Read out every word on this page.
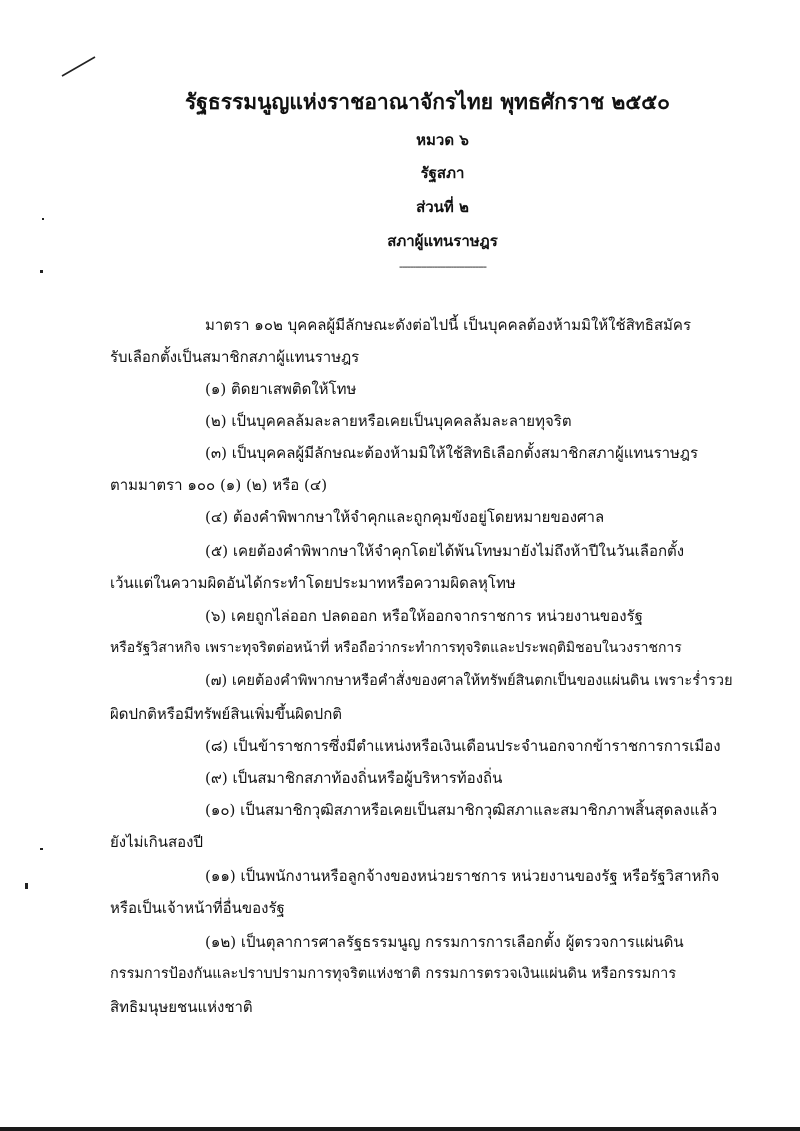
รัฐธรรมนูญแห่งราชอาณาจักรไทย พุทธศักราช ๒๕๕๐
หมวด ๖
รัฐสภา
ส่วนที่ ๒
สภาผู้แทนราษฎร
--------------------------------
มาตรา ๑๐๒ บุคคลผู้มีลักษณะดังต่อไปนี้ เป็นบุคคลต้องห้ามมิให้ใช้สิทธิสมัคร
รับเลือกตั้งเป็นสมาชิกสภาผู้แทนราษฎร
(๑) ติดยาเสพติดให้โทษ
(๒) เป็นบุคคลล้มละลายหรือเคยเป็นบุคคลล้มละลายทุจริต
(๓) เป็นบุคคลผู้มีลักษณะต้องห้ามมิให้ใช้สิทธิเลือกตั้งสมาชิกสภาผู้แทนราษฎร
ตามมาตรา ๑๐๐ (๑) (๒) หรือ (๔)
(๔) ต้องคำพิพากษาให้จำคุกและถูกคุมขังอยู่โดยหมายของศาล
(๕) เคยต้องคำพิพากษาให้จำคุกโดยได้พ้นโทษมายังไม่ถึงห้าปีในวันเลือกตั้ง
เว้นแต่ในความผิดอันได้กระทำโดยประมาทหรือความผิดลหุโทษ
(๖) เคยถูกไล่ออก ปลดออก หรือให้ออกจากราชการ หน่วยงานของรัฐ
หรือรัฐวิสาหกิจ เพราะทุจริตต่อหน้าที่ หรือถือว่ากระทำการทุจริตและประพฤติมิชอบในวงราชการ
(๗) เคยต้องคำพิพากษาหรือคำสั่งของศาลให้ทรัพย์สินตกเป็นของแผ่นดิน เพราะร่ำรวย
ผิดปกติหรือมีทรัพย์สินเพิ่มขึ้นผิดปกติ
(๘) เป็นข้าราชการซึ่งมีตำแหน่งหรือเงินเดือนประจำนอกจากข้าราชการการเมือง
(๙) เป็นสมาชิกสภาท้องถิ่นหรือผู้บริหารท้องถิ่น
(๑๐) เป็นสมาชิกวุฒิสภาหรือเคยเป็นสมาชิกวุฒิสภาและสมาชิกภาพสิ้นสุดลงแล้ว
ยังไม่เกินสองปี
(๑๑) เป็นพนักงานหรือลูกจ้างของหน่วยราชการ หน่วยงานของรัฐ หรือรัฐวิสาหกิจ
หรือเป็นเจ้าหน้าที่อื่นของรัฐ
(๑๒) เป็นตุลาการศาลรัฐธรรมนูญ กรรมการการเลือกตั้ง ผู้ตรวจการแผ่นดิน
กรรมการป้องกันและปราบปรามการทุจริตแห่งชาติ กรรมการตรวจเงินแผ่นดิน หรือกรรมการ
สิทธิมนุษยชนแห่งชาติ
